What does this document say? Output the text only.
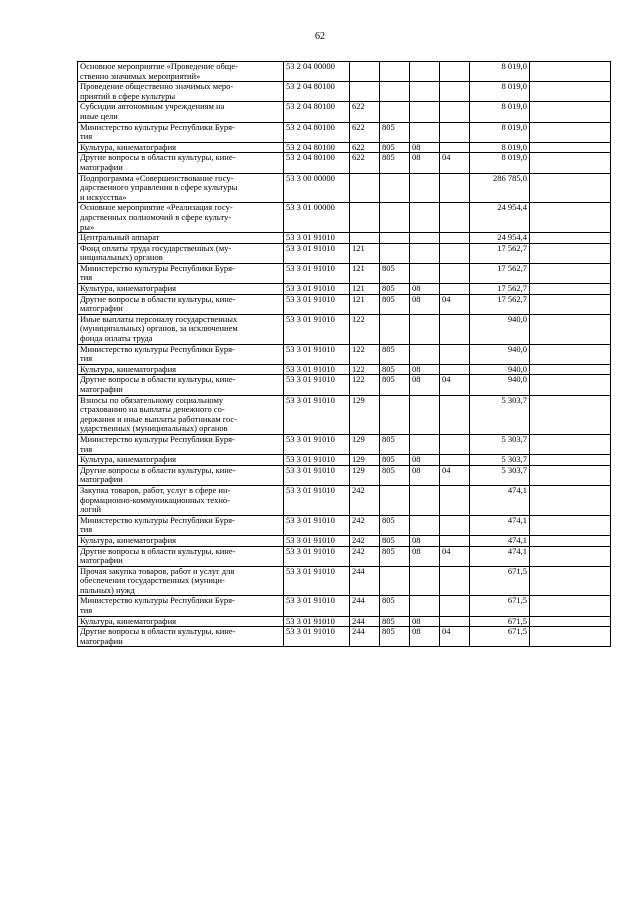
62
Основное мероприятие «Проведение обще-
ственно значимых мероприятий»	53 2 04 00000					8 019,0	
Проведение общественно значимых меро-
приятий в сфере культуры	53 2 04 80100					8 019,0	
Субсидии автономным учреждениям на
иные цели	53 2 04 80100	622				8 019,0	
Министерство культуры Республики Буря-
тия	53 2 04 80100	622	805			8 019,0	
Культура, кинематография	53 2 04 80100	622	805	08		8 019,0	
Другие вопросы в области культуры, кине-
матографии	53 2 04 80100	622	805	08	04	8 019,0	
Подпрограмма «Совершенствование госу-
дарственного управления в сфере культуры
и искусства»	53 3 00 00000					286 785,0	
Основное мероприятие «Реализация госу-
дарственных полномочий в сфере культу-
ры»	53 3 01 00000					24 954,4	
Центральный аппарат	53 3 01 91010					24 954,4	
Фонд оплаты труда государственных (му-
ниципальных) органов	53 3 01 91010	121				17 562,7	
Министерство культуры Республики Буря-
тия	53 3 01 91010	121	805			17 562,7	
Культура, кинематография	53 3 01 91010	121	805	08		17 562,7	
Другие вопросы в области культуры, кине-
матографии	53 3 01 91010	121	805	08	04	17 562,7	
Иные выплаты персоналу государственных
(муниципальных) органов, за исключением
фонда оплаты труда	53 3 01 91010	122				940,0	
Министерство культуры Республики Буря-
тия	53 3 01 91010	122	805			940,0	
Культура, кинематография	53 3 01 91010	122	805	08		940,0	
Другие вопросы в области культуры, кине-
матографии	53 3 01 91010	122	805	08	04	940,0	
Взносы по обязательному социальному
страхованию на выплаты денежного со-
держания и иные выплаты работникам гос-
ударственных (муниципальных) органов	53 3 01 91010	129				5 303,7	
Министерство культуры Республики Буря-
тия	53 3 01 91010	129	805			5 303,7	
Культура, кинематография	53 3 01 91010	129	805	08		5 303,7	
Другие вопросы в области культуры, кине-
матографии	53 3 01 91010	129	805	08	04	5 303,7	
Закупка товаров, работ, услуг в сфере ин-
формационно-коммуникационных техно-
логий	53 3 01 91010	242				474,1	
Министерство культуры Республики Буря-
тия	53 3 01 91010	242	805			474,1	
Культура, кинематография	53 3 01 91010	242	805	08		474,1	
Другие вопросы в области культуры, кине-
матографии	53 3 01 91010	242	805	08	04	474,1	
Прочая закупка товаров, работ и услуг для
обеспечения государственных (муници-
пальных) нужд	53 3 01 91010	244				671,5	
Министерство культуры Республики Буря-
тия	53 3 01 91010	244	805			671,5	
Культура, кинематография	53 3 01 91010	244	805	08		671,5	
Другие вопросы в области культуры, кине-
матографии	53 3 01 91010	244	805	08	04	671,5	
